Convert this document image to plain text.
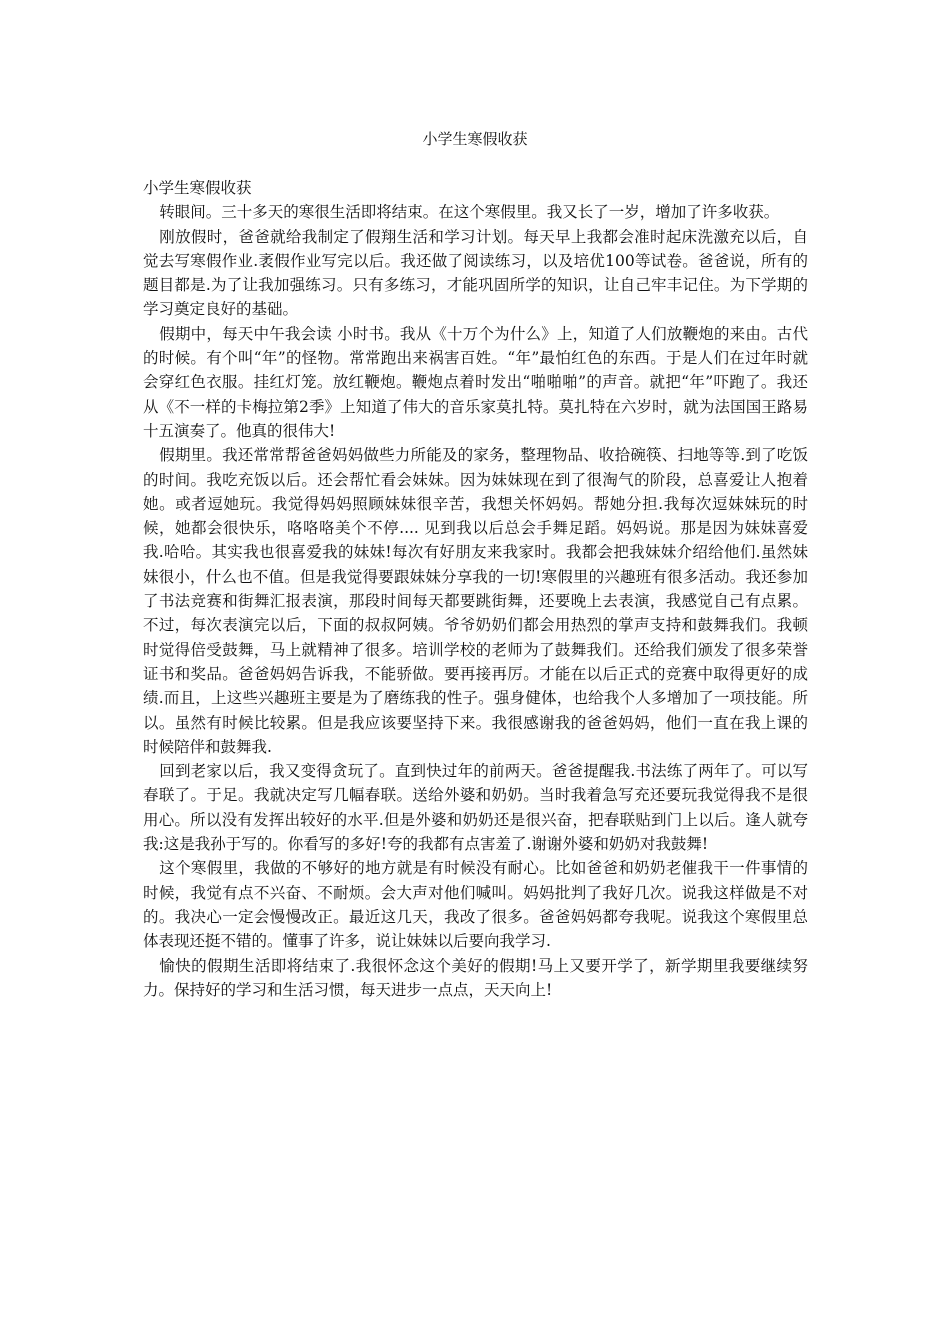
小学生寒假收获

小学生寒假收获

转眼间。三十多天的寒很生活即将结束。在这个寒假里。我又长了一岁，增加了许多收获。

刚放假时，爸爸就给我制定了假翔生活和学习计划。每天早上我都会准时起床洗激充以后，自觉去写寒假作业.袤假作业写完以后。我还做了阅读练习，以及培优100等试卷。爸爸说，所有的题目都是.为了让我加强练习。只有多练习，才能巩固所学的知识，让自己牢丰记住。为下学期的学习奠定良好的基础。

假期中，每天中午我会读 小时书。我从《十万个为什么》上，知道了人们放鞭炮的来由。古代的时候。有个叫“年”的怪物。常常跑出来祸害百姓。“年”最怕红色的东西。于是人们在过年时就会穿红色衣服。挂红灯笼。放红鞭炮。鞭炮点着时发出“啪啪啪”的声音。就把“年”吓跑了。我还从《不一样的卡梅拉第2季》上知道了伟大的音乐家莫扎特。莫扎特在六岁时，就为法国国王路易十五演奏了。他真的很伟大!

假期里。我还常常帮爸爸妈妈做些力所能及的家务，整理物品、收拾碗筷、扫地等等.到了吃饭的时间。我吃充饭以后。还会帮忙看会妹妹。因为妹妹现在到了很淘气的阶段，总喜爱让人抱着她。或者逗她玩。我觉得妈妈照顾妹妹很辛苦，我想关怀妈妈。帮她分担.我每次逗妹妹玩的时候，她都会很快乐，咯咯咯美个不停.... 见到我以后总会手舞足蹈。妈妈说。那是因为妹妹喜爱我.哈哈。其实我也很喜爱我的妹妹!每次有好朋友来我家时。我都会把我妹妹介绍给他们.虽然妹妹很小，什么也不值。但是我觉得要跟妹妹分享我的一切!寒假里的兴趣班有很多活动。我还参加了书法竞赛和街舞汇报表演，那段时间每天都要跳街舞，还要晚上去表演，我感觉自己有点累。不过，每次表演完以后，下面的叔叔阿姨。爷爷奶奶们都会用热烈的掌声支持和鼓舞我们。我顿时觉得倍受鼓舞，马上就精神了很多。培训学校的老师为了鼓舞我们。还给我们颁发了很多荣誉证书和奖品。爸爸妈妈告诉我，不能骄做。要再接再厉。才能在以后正式的竞赛中取得更好的成绩.而且，上这些兴趣班主要是为了磨练我的性子。强身健体，也给我个人多增加了一项技能。所以。虽然有时候比较累。但是我应该要坚持下来。我很感谢我的爸爸妈妈，他们一直在我上课的时候陪伴和鼓舞我.

回到老家以后，我又变得贪玩了。直到快过年的前两天。爸爸提醒我.书法练了两年了。可以写春联了。于足。我就决定写几幅春联。送给外婆和奶奶。当时我着急写充还要玩我觉得我不是很用心。所以没有发挥出较好的水平.但是外婆和奶奶还是很兴奋，把春联贴到门上以后。逢人就夸我:这是我孙于写的。你看写的多好!夸的我都有点害羞了.谢谢外婆和奶奶对我鼓舞!

这个寒假里，我做的不够好的地方就是有时候没有耐心。比如爸爸和奶奶老催我干一件事情的时候，我觉有点不兴奋、不耐烦。会大声对他们喊叫。妈妈批判了我好几次。说我这样做是不对的。我决心一定会慢慢改正。最近这几天，我改了很多。爸爸妈妈都夸我呢。说我这个寒假里总体表现还挺不错的。懂事了许多，说让妹妹以后要向我学习.

愉快的假期生活即将结束了.我很怀念这个美好的假期!马上又要开学了，新学期里我要继续努力。保持好的学习和生活习惯，每天进步一点点，天天向上!
